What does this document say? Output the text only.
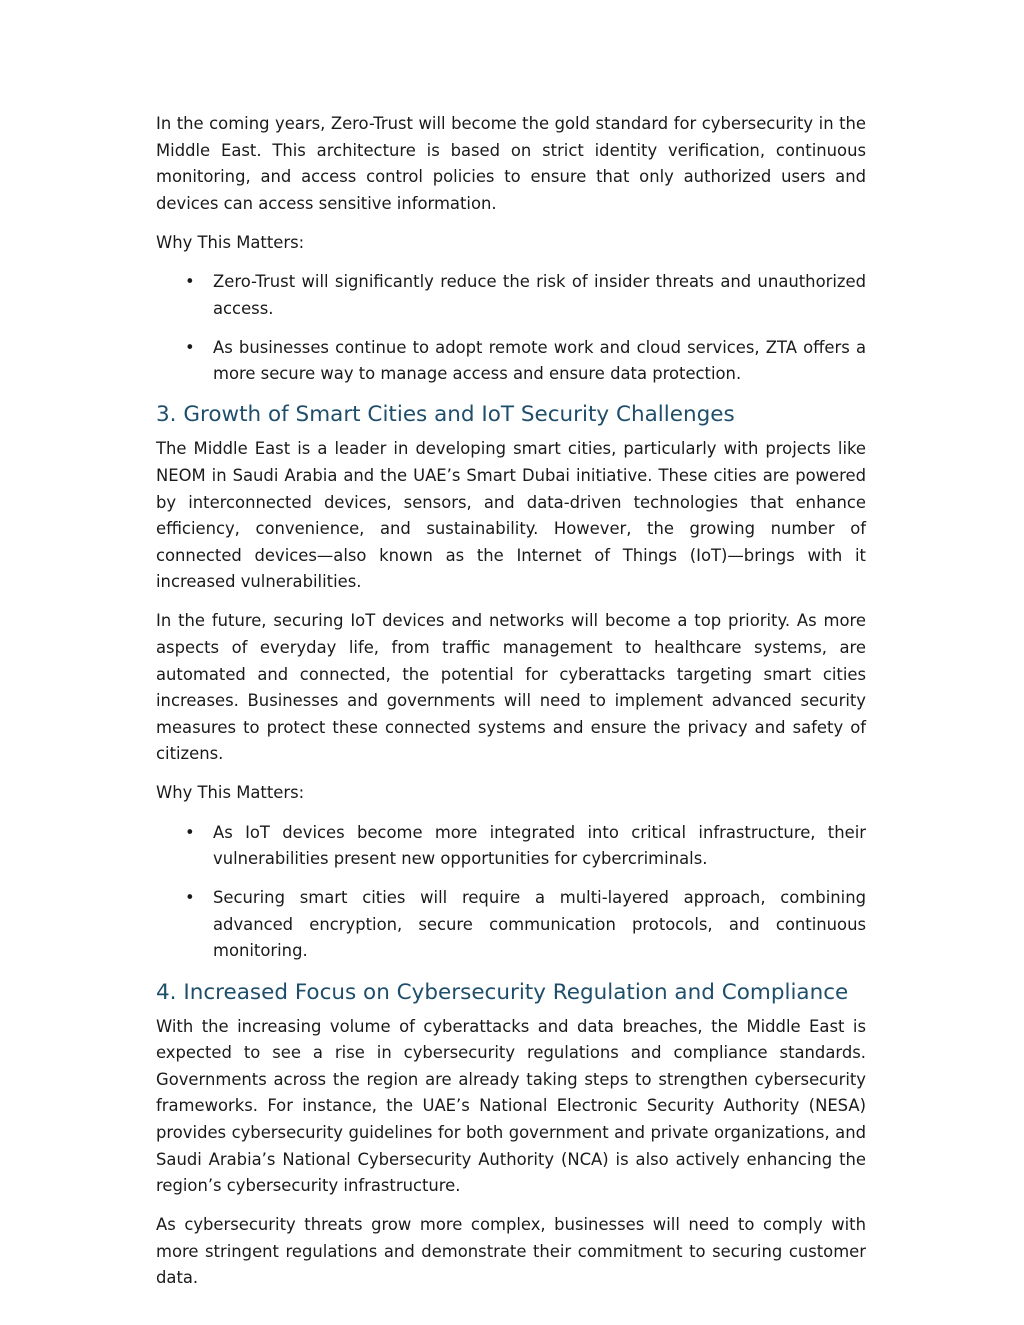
In the coming years, Zero-Trust will become the gold standard for cybersecurity in the Middle East. This architecture is based on strict identity verification, continuous monitoring, and access control policies to ensure that only authorized users and devices can access sensitive information.

Why This Matters:

• Zero-Trust will significantly reduce the risk of insider threats and unauthorized access.
• As businesses continue to adopt remote work and cloud services, ZTA offers a more secure way to manage access and ensure data protection.
3. Growth of Smart Cities and IoT Security Challenges

The Middle East is a leader in developing smart cities, particularly with projects like NEOM in Saudi Arabia and the UAE’s Smart Dubai initiative. These cities are powered by interconnected devices, sensors, and data-driven technologies that enhance efficiency, convenience, and sustainability. However, the growing number of connected devices—also known as the Internet of Things (IoT)—brings with it increased vulnerabilities.

In the future, securing IoT devices and networks will become a top priority. As more aspects of everyday life, from traffic management to healthcare systems, are automated and connected, the potential for cyberattacks targeting smart cities increases. Businesses and governments will need to implement advanced security measures to protect these connected systems and ensure the privacy and safety of citizens.

Why This Matters:

• As IoT devices become more integrated into critical infrastructure, their vulnerabilities present new opportunities for cybercriminals.
• Securing smart cities will require a multi-layered approach, combining advanced encryption, secure communication protocols, and continuous monitoring.
4. Increased Focus on Cybersecurity Regulation and Compliance

With the increasing volume of cyberattacks and data breaches, the Middle East is expected to see a rise in cybersecurity regulations and compliance standards. Governments across the region are already taking steps to strengthen cybersecurity frameworks. For instance, the UAE’s National Electronic Security Authority (NESA) provides cybersecurity guidelines for both government and private organizations, and Saudi Arabia’s National Cybersecurity Authority (NCA) is also actively enhancing the region’s cybersecurity infrastructure.

As cybersecurity threats grow more complex, businesses will need to comply with more stringent regulations and demonstrate their commitment to securing customer data.
